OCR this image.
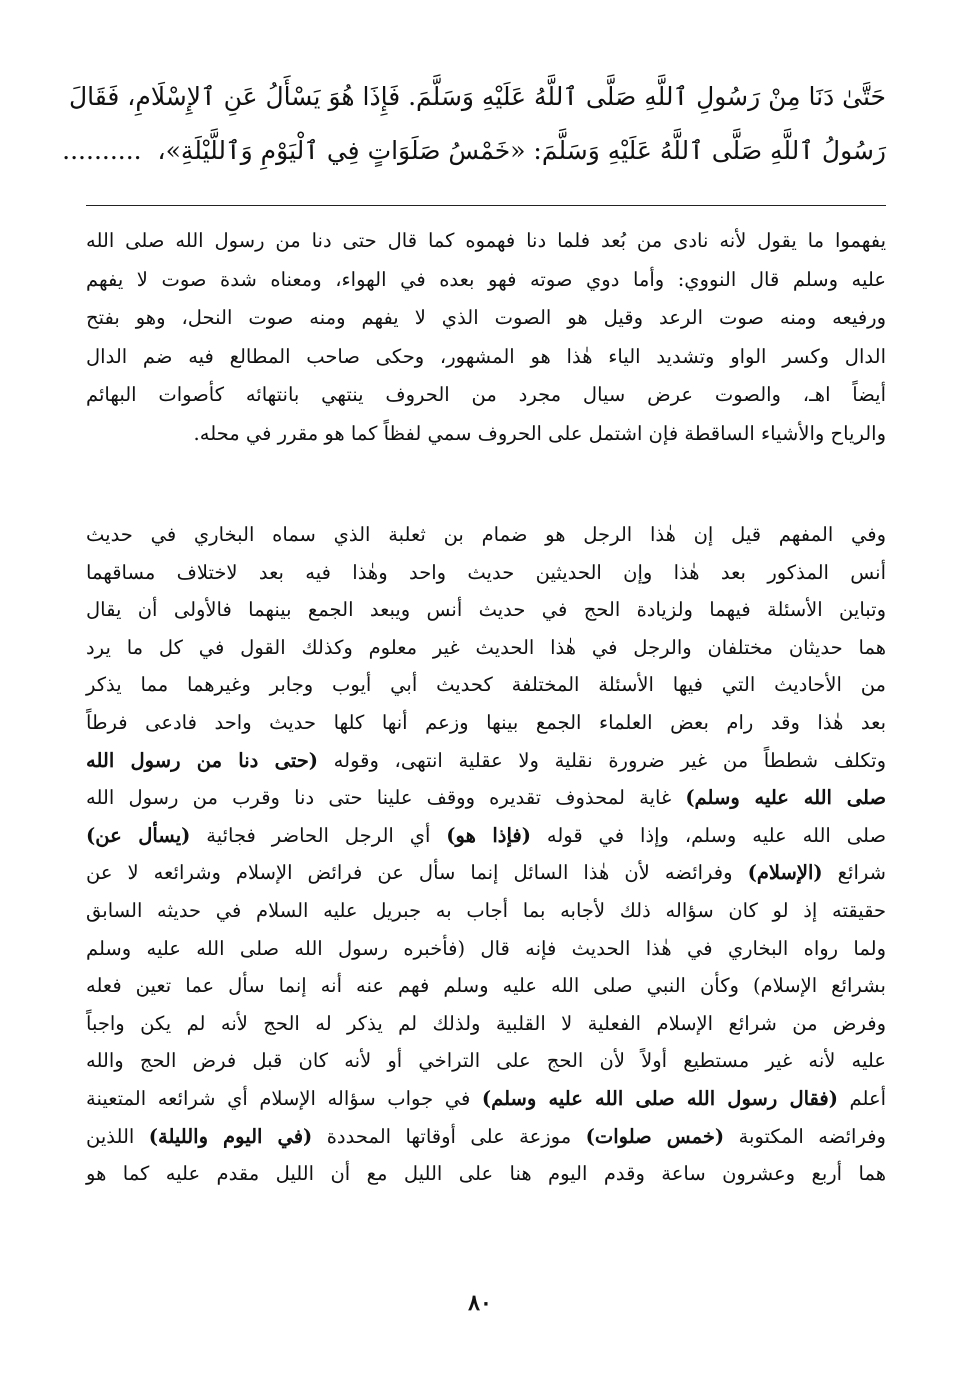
حَتَّىٰ دَنَا مِنْ رَسُولِ ٱللَّهِ صَلَّى ٱللَّهُ عَلَيْهِ وَسَلَّمَ. فَإِذَا هُوَ يَسْأَلُ عَنِ ٱلإِسْلَامِ، فَقَالَ
رَسُولُ ٱللَّهِ صَلَّى ٱللَّهُ عَلَيْهِ وَسَلَّمَ: «خَمْسُ صَلَوَاتٍ فِي ٱلْيَوْمِ وَٱللَّيْلَةِ»،  ..........
يفهموا ما يقول لأنه نادى من بُعد فلما دنا فهموه كما قال حتى دنا من رسول الله صلى الله
عليه وسلم قال النووي: وأما دوي صوته فهو بعده في الهواء، ومعناه شدة صوت لا يفهم
ورفيعه ومنه صوت الرعد وقيل هو الصوت الذي لا يفهم ومنه صوت النحل، وهو بفتح
الدال وكسر الواو وتشديد الياء هٰذا هو المشهور، وحكى صاحب المطالع فيه ضم الدال
أيضاً اهـ، والصوت عرض سيال مجرد من الحروف ينتهي بانتهائه كأصوات البهائم
والرياح والأشياء الساقطة فإن اشتمل على الحروف سمي لفظاً كما هو مقرر في محله.
وفي المفهم قيل إن هٰذا الرجل هو ضمام بن ثعلبة الذي سماه البخاري في حديث
أنس المذكور بعد هٰذا وإن الحديثين حديث واحد وهٰذا فيه بعد لاختلاف مساقهما
وتباين الأسئلة فيهما ولزيادة الحج في حديث أنس ويبعد الجمع بينهما فالأولى أن يقال
هما حديثان مختلفان والرجل في هٰذا الحديث غير معلوم وكذلك القول في كل ما يرد
من الأحاديث التي فيها الأسئلة المختلفة كحديث أبي أيوب وجابر وغيرهما مما يذكر
بعد هٰذا وقد رام بعض العلماء الجمع بينها وزعم أنها كلها حديث واحد فادعى فرطاً
وتكلف شططاً من غير ضرورة نقلية ولا عقلية انتهى، وقوله (حتى دنا من رسول الله
صلى الله عليه وسلم) غاية لمحذوف تقديره ووقف علينا حتى دنا وقرب من رسول الله
صلى الله عليه وسلم، وإذا في قوله (فإذا هو) أي الرجل الحاضر فجائية (يسأل عن)
شرائع (الإسلام) وفرائضه لأن هٰذا السائل إنما سأل عن فرائض الإسلام وشرائعه لا عن
حقيقته إذ لو كان سؤاله ذلك لأجابه بما أجاب به جبريل عليه السلام في حديثه السابق
ولما رواه البخاري في هٰذا الحديث فإنه قال (فأخبره رسول الله صلى الله عليه وسلم
بشرائع الإسلام) وكأن النبي صلى الله عليه وسلم فهم عنه أنه إنما سأل عما تعين فعله
وفرض من شرائع الإسلام الفعلية لا القلبية ولذلك لم يذكر له الحج لأنه لم يكن واجباً
عليه لأنه غير مستطيع أولاً لأن الحج على التراخي أو لأنه كان قبل فرض الحج والله
أعلم (فقال رسول الله صلى الله عليه وسلم) في جواب سؤاله الإسلام أي شرائعه المتعينة
وفرائضه المكتوبة (خمس صلوات) موزعة على أوقاتها المحددة (في اليوم والليلة) اللذين
هما أربع وعشرون ساعة وقدم اليوم هنا على الليل مع أن الليل مقدم عليه كما هو
٨٠
